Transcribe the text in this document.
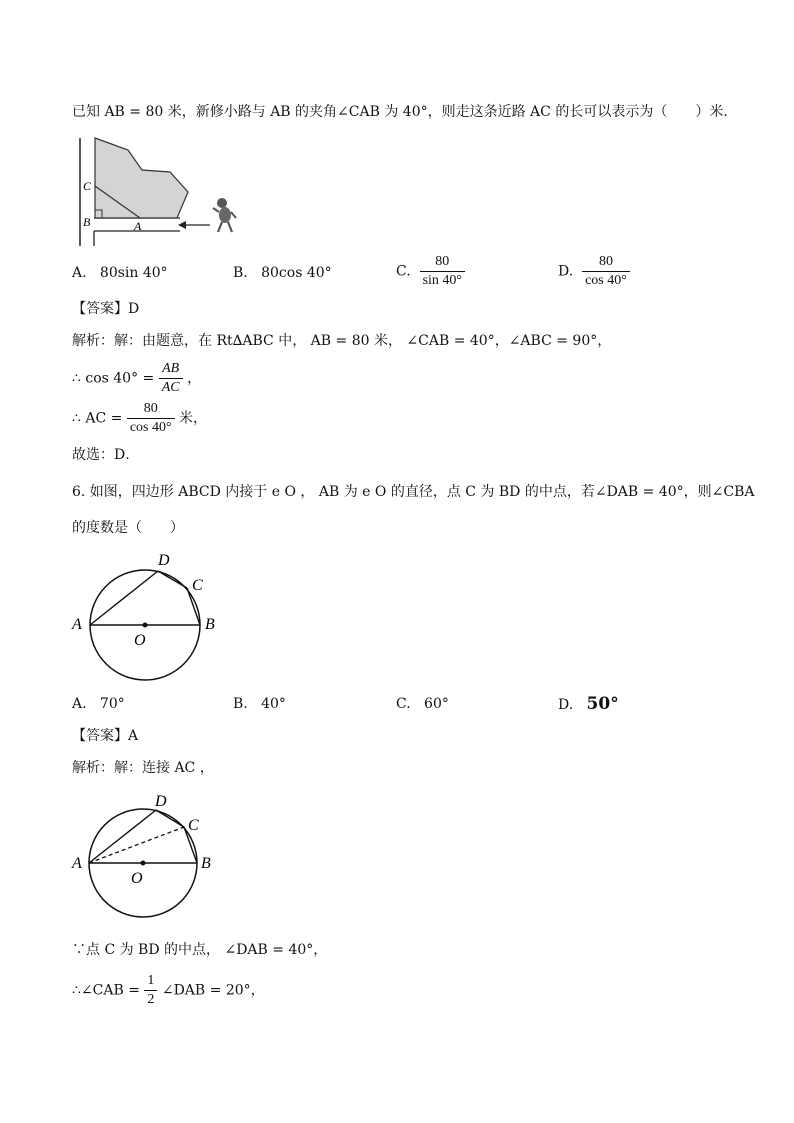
已知 AB = 80 米，新修小路与 AB 的夹角∠CAB 为 40°，则走这条近路 AC 的长可以表示为（　　）米．
C
B	A
A. 80sin 40°	B. 80cos 40°	C. $\frac{80}{\sin 40^\circ}$	D. $\frac{80}{\cos 40^\circ}$
【答案】D
解析：解：由题意，在 Rt∆ABC 中， AB = 80 米， ∠CAB = 40°，∠ABC = 90°，
∴ $\cos 40^\circ = \frac{AB}{AC}$ ，
∴ AC = $\frac{80}{\cos 40^\circ}$ 米，
故选：D．
6. 如图，四边形 ABCD 内接于 e O ， AB 为 e O 的直径，点 C 为 BD 的中点，若∠DAB = 40°，则∠CBA
的度数是（　　）
D
C
A	B
O
A. 70°	B. 40°	C. 60°	D. 50°
【答案】A
解析：解：连接 AC ，
D
C
A	B
O
∵点 C 为 BD 的中点， ∠DAB = 40°，
∴∠CAB = $\frac{1}{2}$ ∠DAB = 20°，
